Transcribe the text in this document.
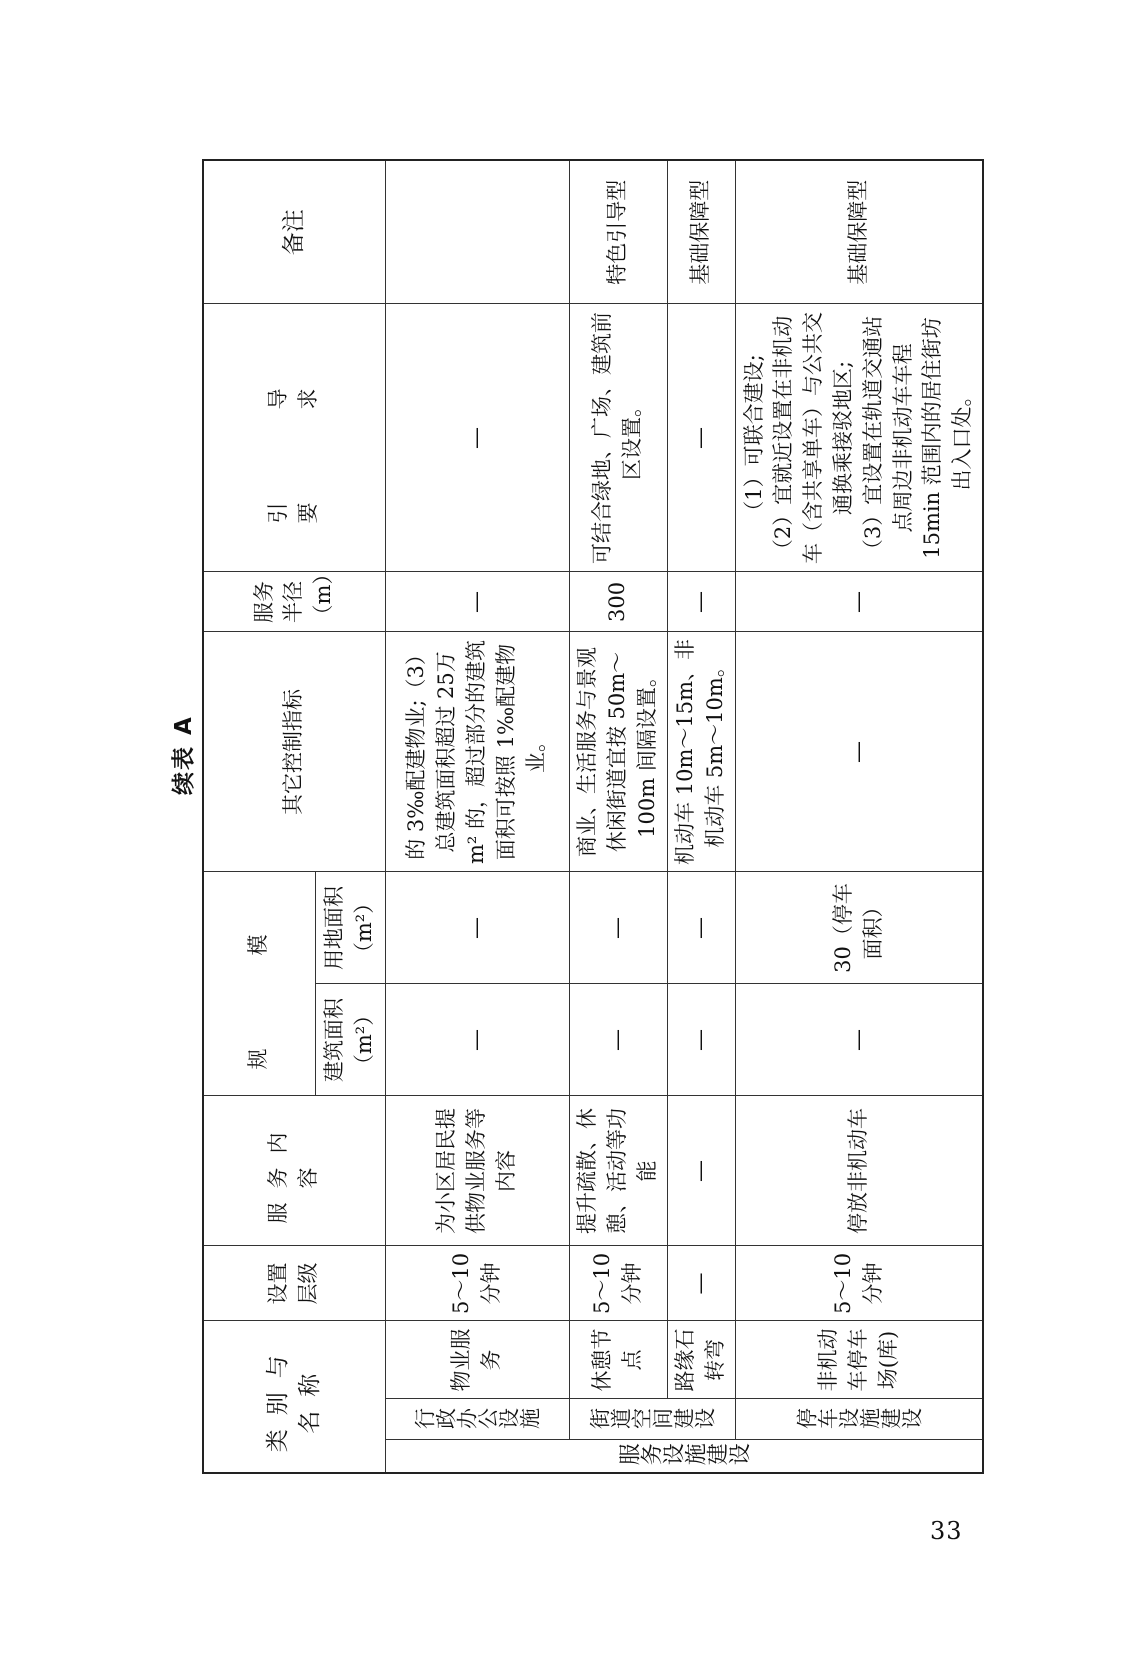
续表 A
类别与名称			设置层级	服务内容	规　模		其它控制指标	服务半径（m）	引　导　要　求	备注
					建筑面积（m²）	用地面积（m²）				
服务设施建设	行政办公设施	物业服务	5～10分钟	为小区居民提供物业服务等内容	—	—	的 3‰配建物业;（3）总建筑面积超过 25万 m² 的，超过部分的建筑面积可按照 1‰配建物业。	—	—	
	街道空间建设	休憩节点	5～10分钟	提升疏散、休憩、活动等功能	—	—	商业、生活服务与景观休闲街道宜按 50m～100m 间隔设置。	300	可结合绿地、广场、建筑前区设置。	特色引导型
		路缘石转弯	—	—	—	—	机动车 10m～15m、非机动车 5m～10m。	—	—	基础保障型
	停车设施建设	非机动车停车场(库)	5～10分钟	停放非机动车	—	30（停车面积）	—	—	（1）可联合建设; （2）宜就近设置在非机动车（含共享单车）与公共交通换乘接驳地区; （3）宜设置在轨道交通站点周边非机动车车程 15min 范围内的居住街坊出入口处。	基础保障型
33
